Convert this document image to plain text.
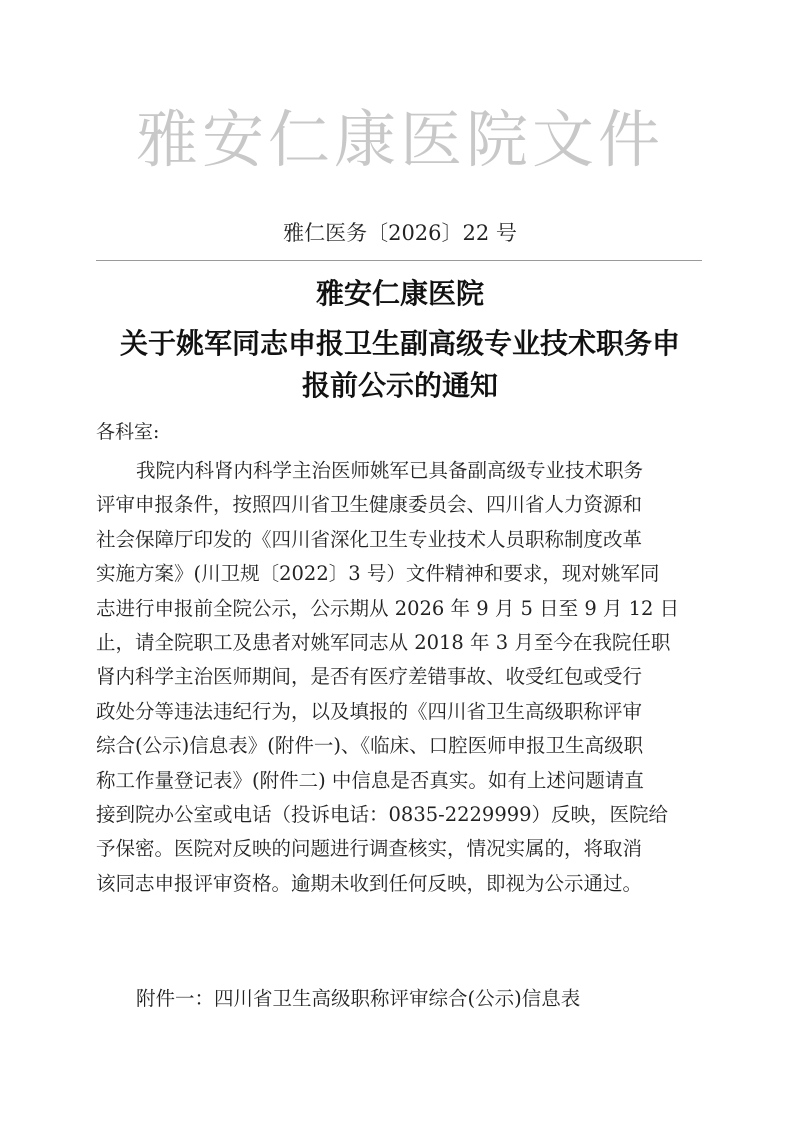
雅安仁康医院文件
雅仁医务〔2026〕22 号
雅安仁康医院
关于姚军同志申报卫生副高级专业技术职务申
报前公示的通知
各科室:
我院内科肾内科学主治医师姚军已具备副高级专业技术职务
评审申报条件，按照四川省卫生健康委员会、四川省人力资源和
社会保障厅印发的《四川省深化卫生专业技术人员职称制度改革
实施方案》(川卫规〔2022〕3 号）文件精神和要求，现对姚军同
志进行申报前全院公示，公示期从 2026 年 9 月 5 日至 9 月 12 日
止，请全院职工及患者对姚军同志从 2018 年 3 月至今在我院任职
肾内科学主治医师期间，是否有医疗差错事故、收受红包或受行
政处分等违法违纪行为，以及填报的《四川省卫生高级职称评审
综合(公示)信息表》(附件一)、《临床、口腔医师申报卫生高级职
称工作量登记表》(附件二) 中信息是否真实。如有上述问题请直
接到院办公室或电话（投诉电话：0835-2229999）反映，医院给
予保密。医院对反映的问题进行调查核实，情况实属的，将取消
该同志申报评审资格。逾期未收到任何反映，即视为公示通过。
附件一：四川省卫生高级职称评审综合(公示)信息表
